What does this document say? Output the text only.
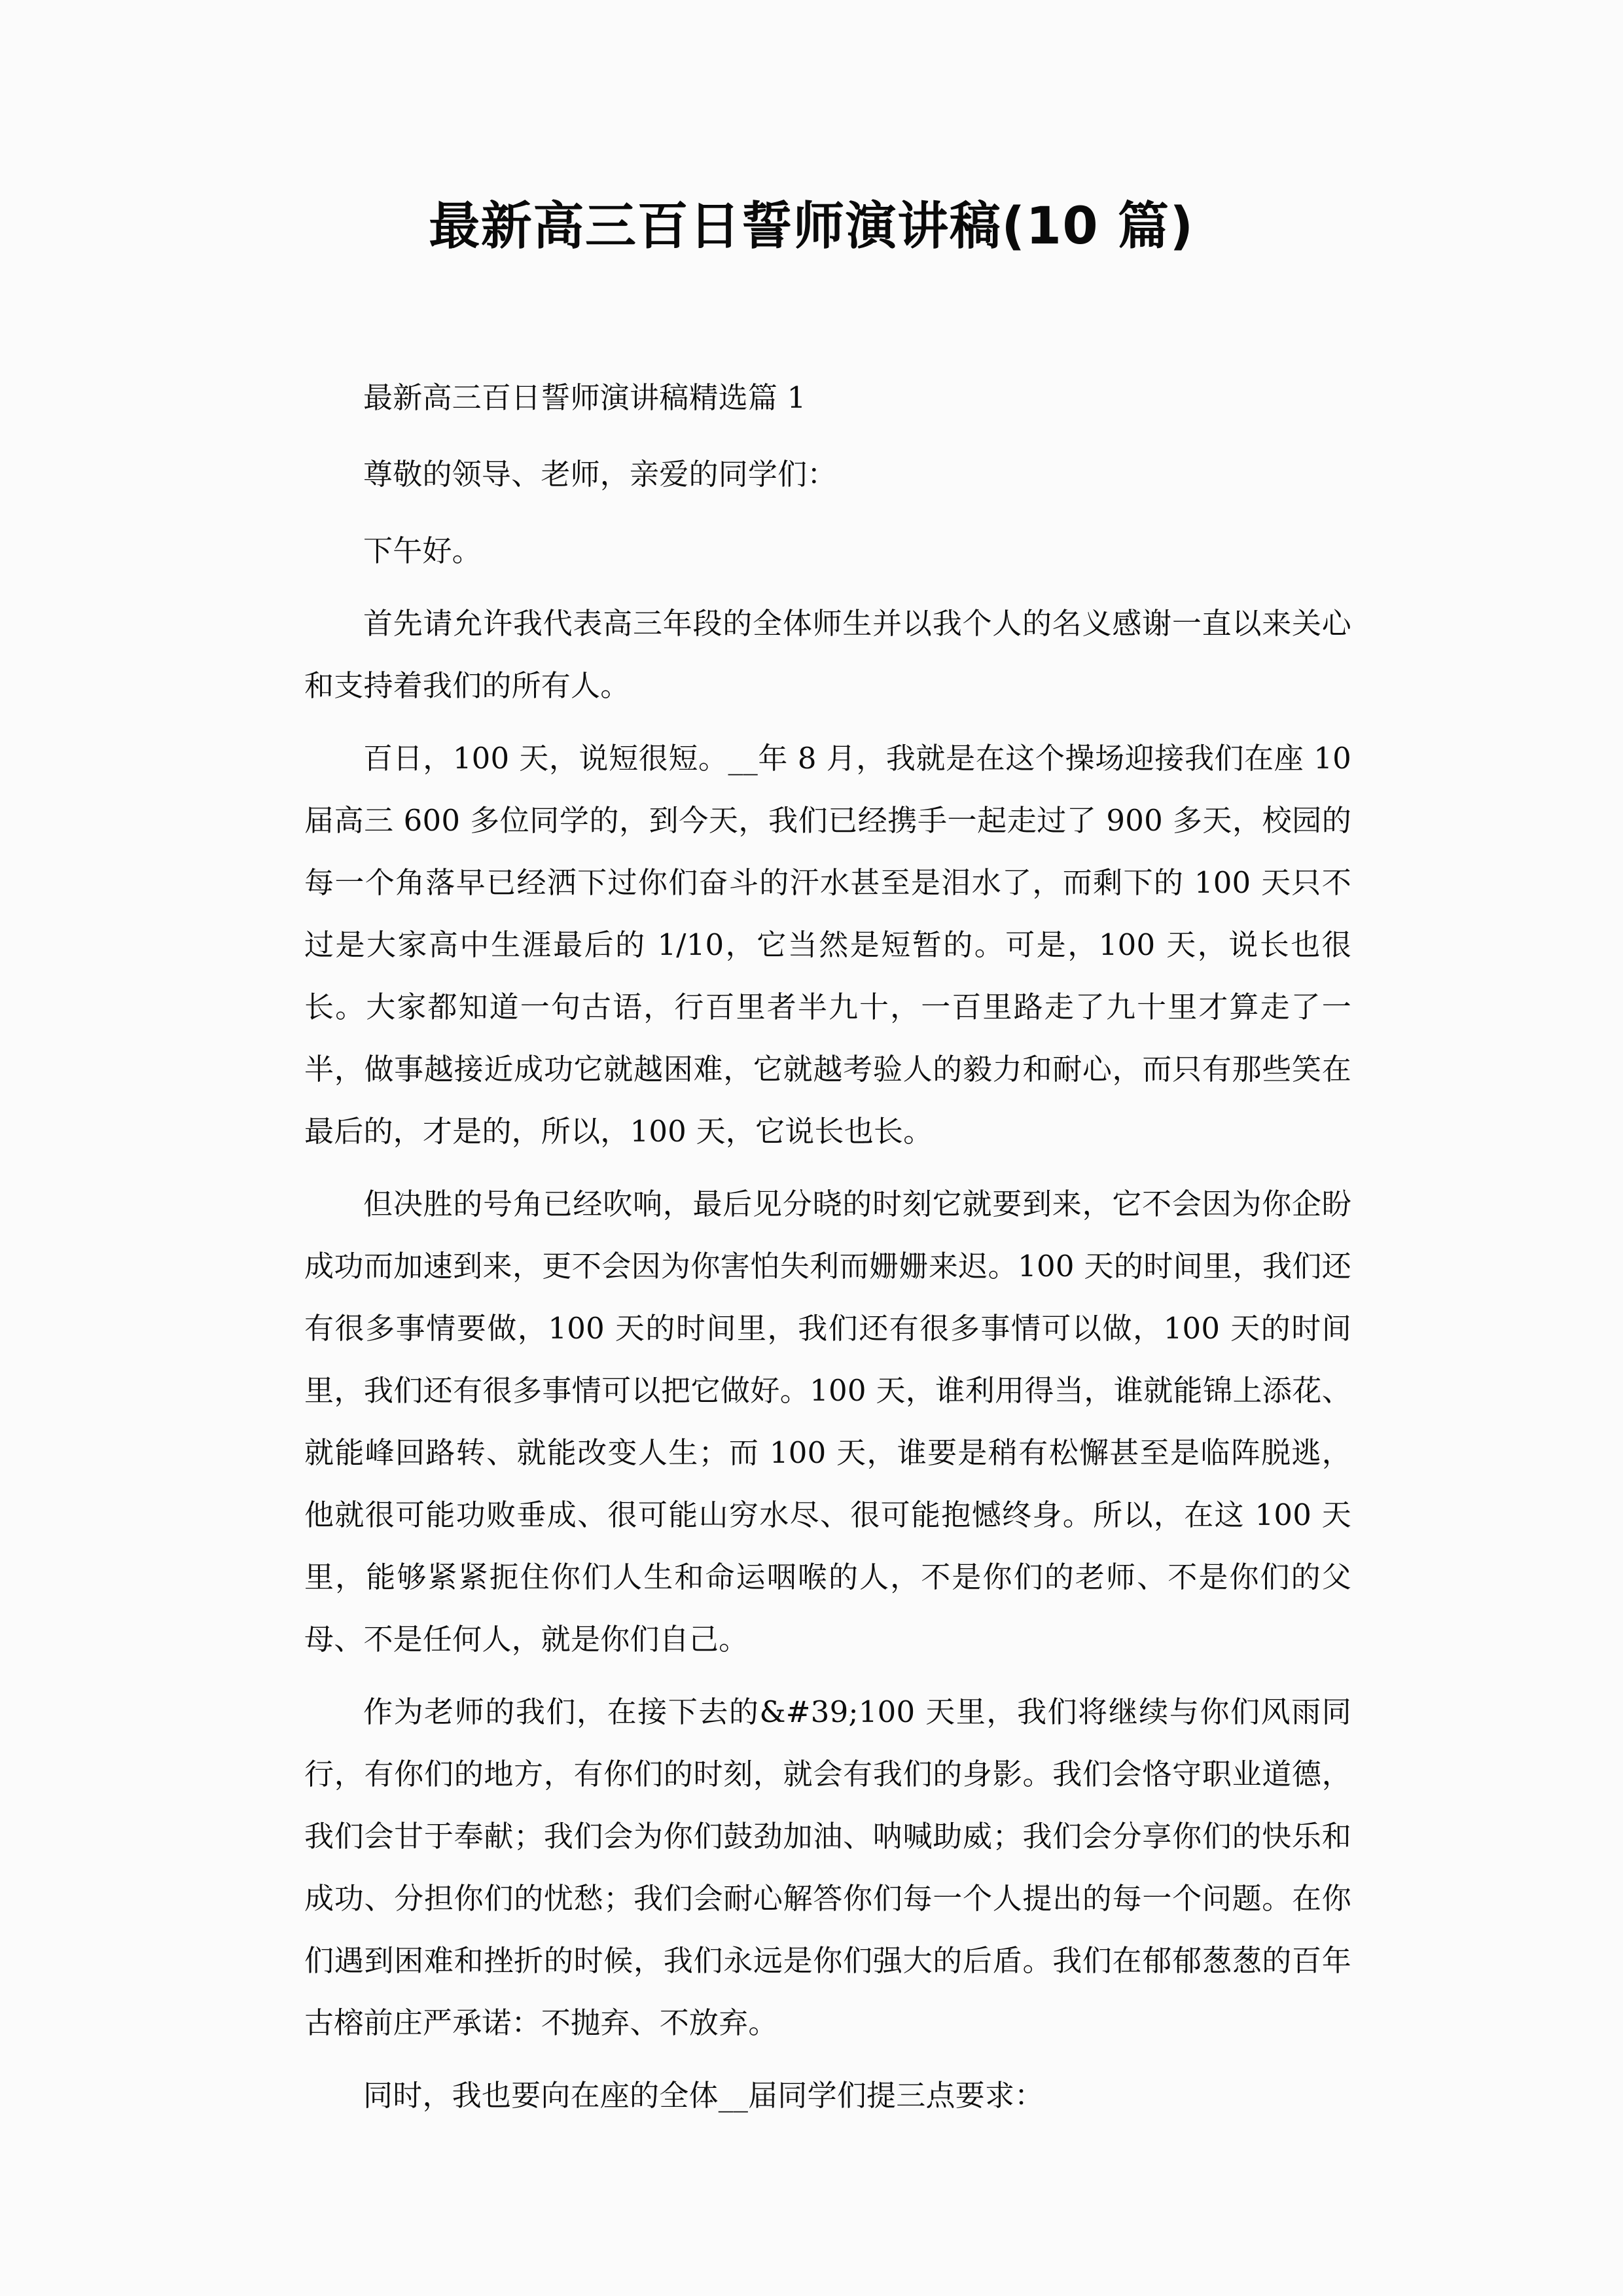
最新高三百日誓师演讲稿(10 篇)

最新高三百日誓师演讲稿精选篇 1

尊敬的领导、老师，亲爱的同学们：

下午好。

首先请允许我代表高三年段的全体师生并以我个人的名义感谢一直以来关心和支持着我们的所有人。

百日，100 天，说短很短。__年 8 月，我就是在这个操场迎接我们在座 10 届高三 600 多位同学的，到今天，我们已经携手一起走过了 900 多天，校园的每一个角落早已经洒下过你们奋斗的汗水甚至是泪水了，而剩下的 100 天只不过是大家高中生涯最后的 1/10，它当然是短暂的。可是，100 天，说长也很长。大家都知道一句古语，行百里者半九十，一百里路走了九十里才算走了一半，做事越接近成功它就越困难，它就越考验人的毅力和耐心，而只有那些笑在最后的，才是的，所以，100 天，它说长也长。

但决胜的号角已经吹响，最后见分晓的时刻它就要到来，它不会因为你企盼成功而加速到来，更不会因为你害怕失利而姗姗来迟。100 天的时间里，我们还有很多事情要做，100 天的时间里，我们还有很多事情可以做，100 天的时间里，我们还有很多事情可以把它做好。100 天，谁利用得当，谁就能锦上添花、就能峰回路转、就能改变人生；而 100 天，谁要是稍有松懈甚至是临阵脱逃，他就很可能功败垂成、很可能山穷水尽、很可能抱憾终身。所以，在这 100 天里，能够紧紧扼住你们人生和命运咽喉的人，不是你们的老师、不是你们的父母、不是任何人，就是你们自己。

作为老师的我们，在接下去的&#39;100 天里，我们将继续与你们风雨同行，有你们的地方，有你们的时刻，就会有我们的身影。我们会恪守职业道德，我们会甘于奉献；我们会为你们鼓劲加油、呐喊助威；我们会分享你们的快乐和成功、分担你们的忧愁；我们会耐心解答你们每一个人提出的每一个问题。在你们遇到困难和挫折的时候，我们永远是你们强大的后盾。我们在郁郁葱葱的百年古榕前庄严承诺：不抛弃、不放弃。

同时，我也要向在座的全体__届同学们提三点要求：
